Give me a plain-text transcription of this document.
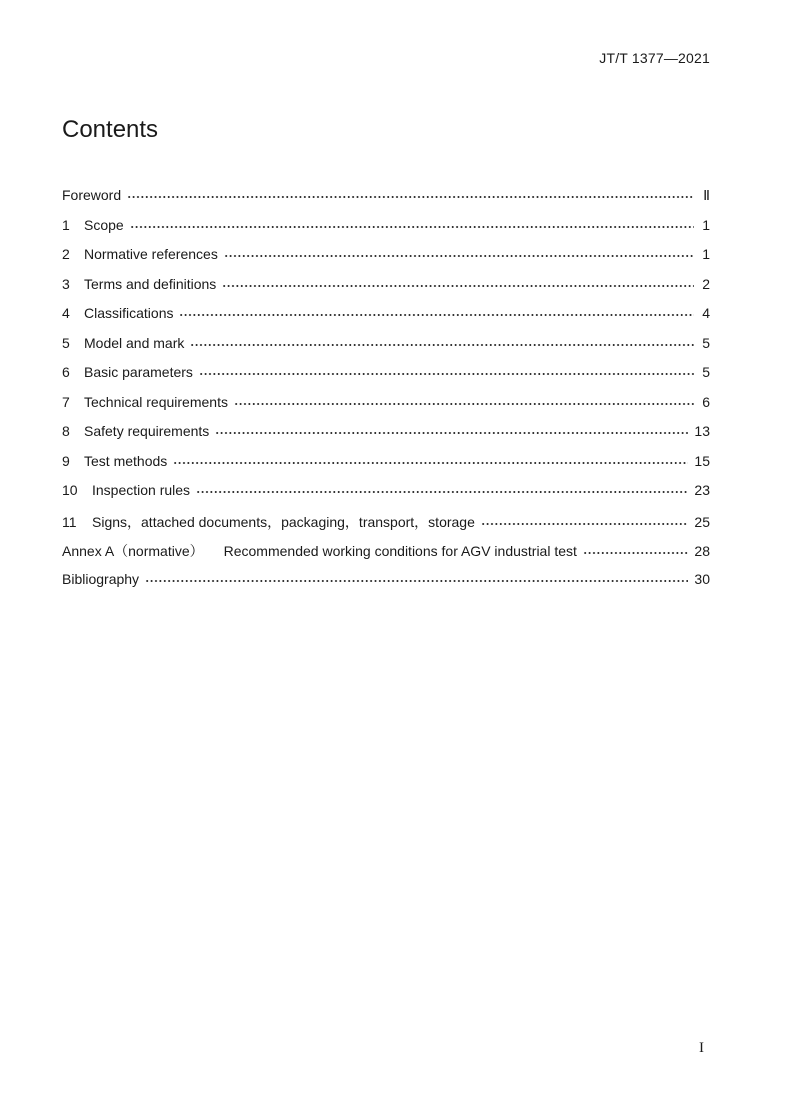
JT/T 1377—2021
Contents
Foreword	Ⅱ
1	Scope	1
2	Normative references	1
3	Terms and definitions	2
4	Classifications	4
5	Model and mark	5
6	Basic parameters	5
7	Technical requirements	6
8	Safety requirements	13
9	Test methods	15
10	Inspection rules	23
11	Signs，attached documents，packaging，transport，storage	25
Annex A（normative） Recommended working conditions for AGV industrial test	28
Bibliography	30
I
